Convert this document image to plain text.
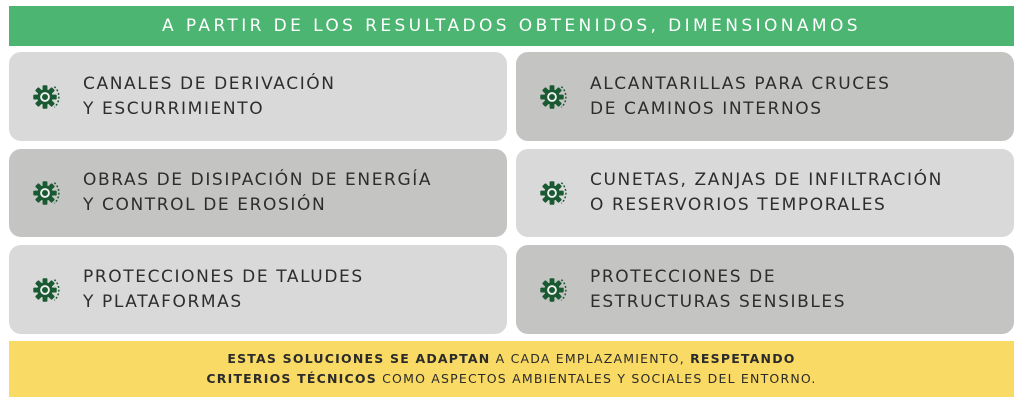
A PARTIR DE LOS RESULTADOS OBTENIDOS, DIMENSIONAMOS
CANALES DE DERIVACIÓN
Y ESCURRIMIENTO
ALCANTARILLAS PARA CRUCES
DE CAMINOS INTERNOS
OBRAS DE DISIPACIÓN DE ENERGÍA
Y CONTROL DE EROSIÓN
CUNETAS, ZANJAS DE INFILTRACIÓN
O RESERVORIOS TEMPORALES
PROTECCIONES DE TALUDES
Y PLATAFORMAS
PROTECCIONES DE
ESTRUCTURAS SENSIBLES
ESTAS SOLUCIONES SE ADAPTAN A CADA EMPLAZAMIENTO, RESPETANDO
CRITERIOS TÉCNICOS COMO ASPECTOS AMBIENTALES Y SOCIALES DEL ENTORNO.
